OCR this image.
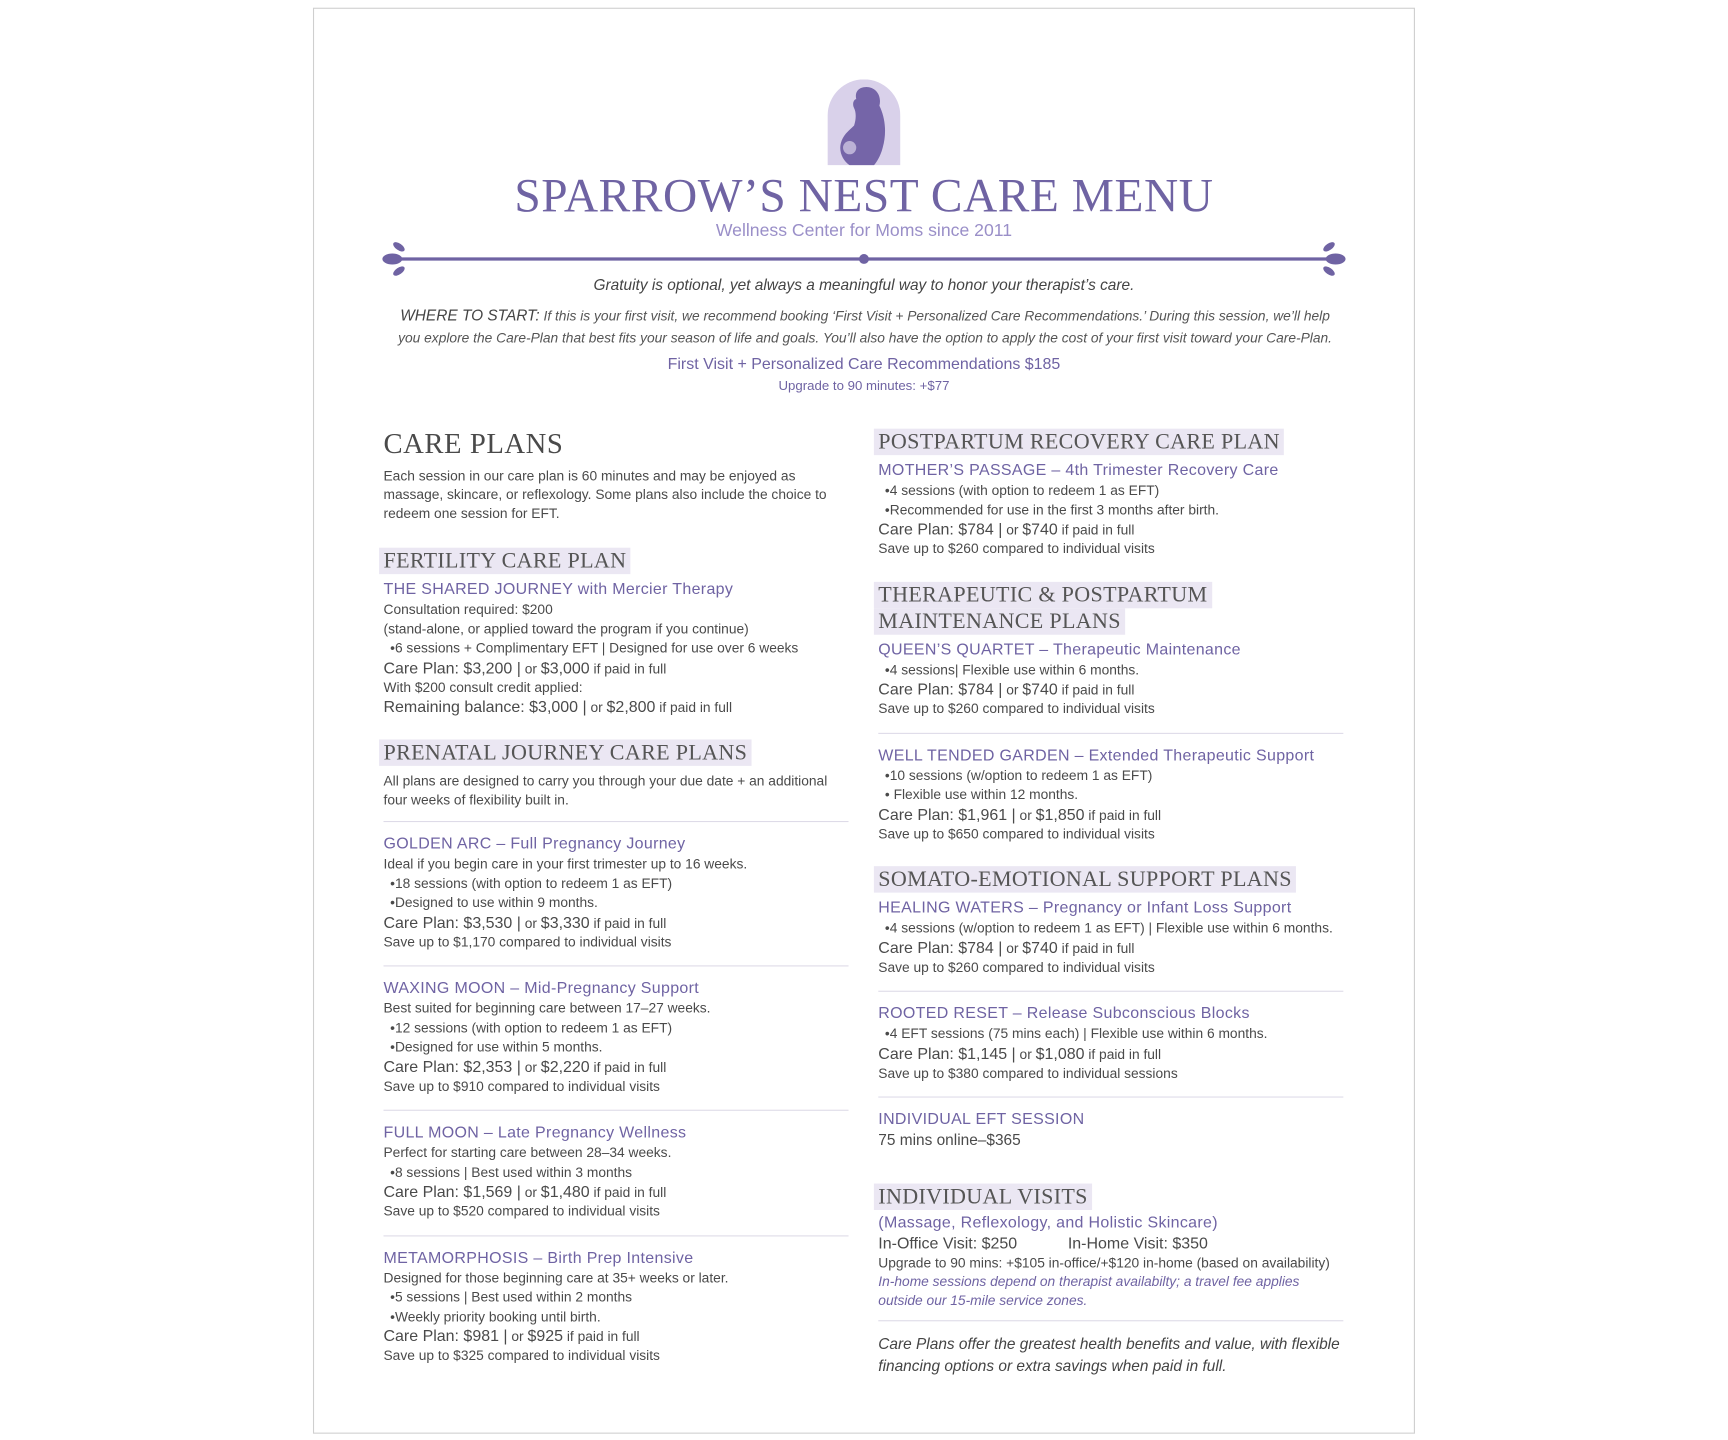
SPARROW’S NEST CARE MENU
Wellness Center for Moms since 2011
Gratuity is optional, yet always a meaningful way to honor your therapist’s care.
WHERE TO START: If this is your first visit, we recommend booking ‘First Visit + Personalized Care Recommendations.’ During this session, we’ll help you explore the Care-Plan that best fits your season of life and goals. You’ll also have the option to apply the cost of your first visit toward your Care-Plan.
First Visit + Personalized Care Recommendations $185
Upgrade to 90 minutes: +$77
CARE PLANS
Each session in our care plan is 60 minutes and may be enjoyed as massage, skincare, or reflexology. Some plans also include the choice to redeem one session for EFT.
FERTILITY CARE PLAN
THE SHARED JOURNEY with Mercier Therapy
Consultation required: $200
(stand-alone, or applied toward the program if you continue)
• 6 sessions + Complimentary EFT | Designed for use over 6 weeks
Care Plan: $3,200 | or $3,000 if paid in full
With $200 consult credit applied:
Remaining balance: $3,000 | or $2,800 if paid in full
PRENATAL JOURNEY CARE PLANS
All plans are designed to carry you through your due date + an additional four weeks of flexibility built in.
GOLDEN ARC – Full Pregnancy Journey
Ideal if you begin care in your first trimester up to 16 weeks.
• 18 sessions (with option to redeem 1 as EFT)
• Designed to use within 9 months.
Care Plan: $3,530 | or $3,330 if paid in full
Save up to $1,170 compared to individual visits
WAXING MOON – Mid-Pregnancy Support
Best suited for beginning care between 17–27 weeks.
• 12 sessions (with option to redeem 1 as EFT)
• Designed for use within 5 months.
Care Plan: $2,353 | or $2,220 if paid in full
Save up to $910 compared to individual visits
FULL MOON – Late Pregnancy Wellness
Perfect for starting care between 28–34 weeks.
• 8 sessions | Best used within 3 months
Care Plan: $1,569 | or $1,480 if paid in full
Save up to $520 compared to individual visits
METAMORPHOSIS – Birth Prep Intensive
Designed for those beginning care at 35+ weeks or later.
• 5 sessions | Best used within 2 months
• Weekly priority booking until birth.
Care Plan: $981 | or $925 if paid in full
Save up to $325 compared to individual visits
POSTPARTUM RECOVERY CARE PLAN
MOTHER’S PASSAGE – 4th Trimester Recovery Care
• 4 sessions (with option to redeem 1 as EFT)
• Recommended for use in the first 3 months after birth.
Care Plan: $784 | or $740 if paid in full
Save up to $260 compared to individual visits
THERAPEUTIC & POSTPARTUM
MAINTENANCE PLANS
QUEEN’S QUARTET – Therapeutic Maintenance
• 4 sessions| Flexible use within 6 months.
Care Plan: $784 | or $740 if paid in full
Save up to $260 compared to individual visits
WELL TENDED GARDEN – Extended Therapeutic Support
• 10 sessions (w/option to redeem 1 as EFT)
• Flexible use within 12 months.
Care Plan: $1,961 | or $1,850 if paid in full
Save up to $650 compared to individual visits
SOMATO-EMOTIONAL SUPPORT PLANS
HEALING WATERS – Pregnancy or Infant Loss Support
• 4 sessions (w/option to redeem 1 as EFT) | Flexible use within 6 months.
Care Plan: $784 | or $740 if paid in full
Save up to $260 compared to individual visits
ROOTED RESET – Release Subconscious Blocks
• 4 EFT sessions (75 mins each) | Flexible use within 6 months.
Care Plan: $1,145 | or $1,080 if paid in full
Save up to $380 compared to individual sessions
INDIVIDUAL EFT SESSION
75 mins online–$365
INDIVIDUAL VISITS
(Massage, Reflexology, and Holistic Skincare)
In-Office Visit: $250	In-Home Visit: $350
Upgrade to 90 mins: +$105 in-office/+$120 in-home (based on availability)
In-home sessions depend on therapist availabilty; a travel fee applies outside our 15-mile service zones.
Care Plans offer the greatest health benefits and value, with flexible financing options or extra savings when paid in full.
